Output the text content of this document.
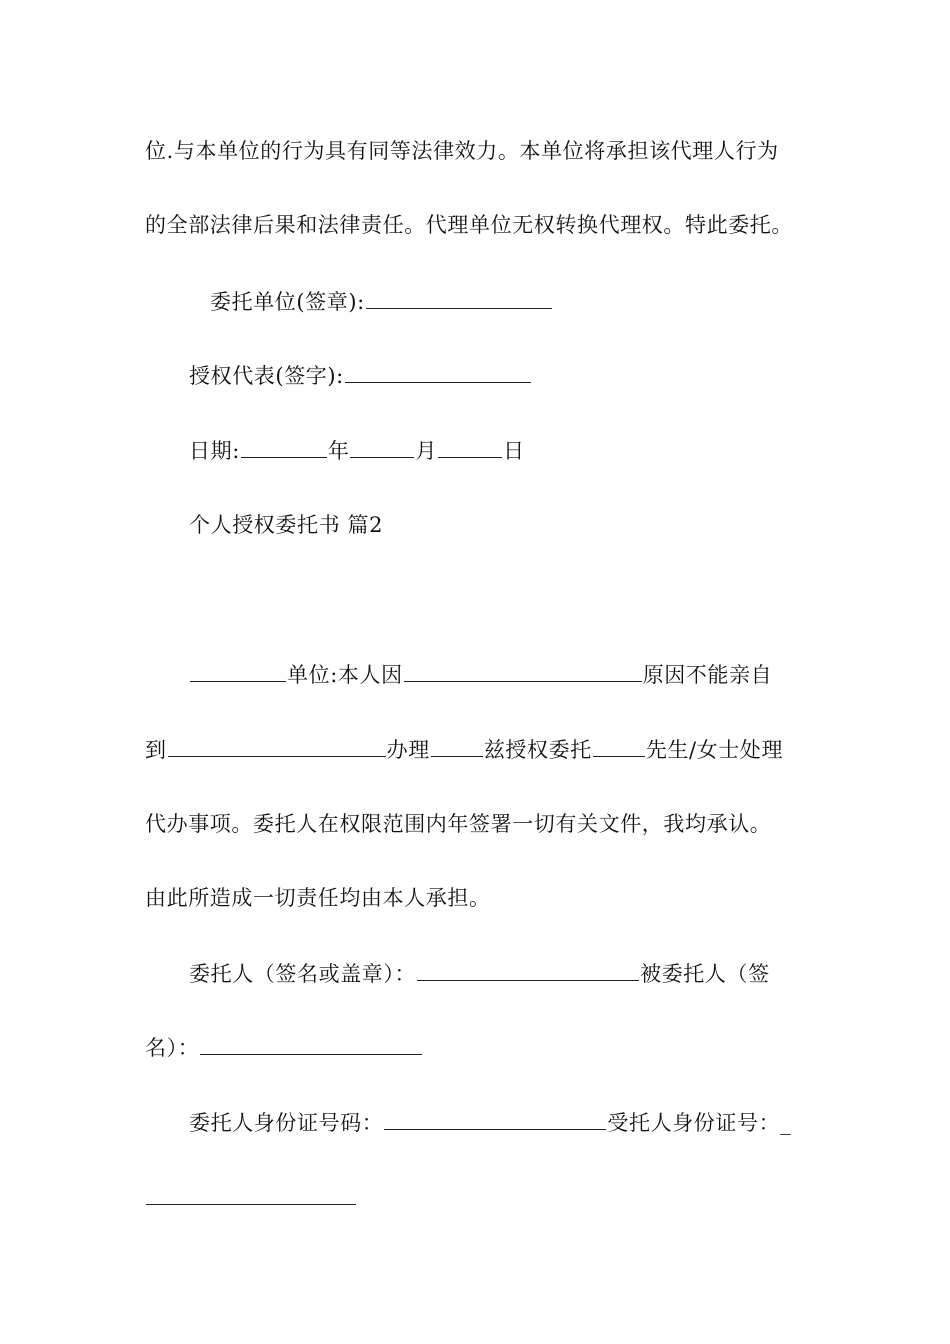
位.与本单位的行为具有同等法律效力。本单位将承担该代理人行为
的全部法律后果和法律责任。代理单位无权转换代理权。特此委托。
委托单位(签章):
授权代表(签字):
日期:	年	月	日
个人授权委托书 篇2
单位:本人因	原因不能亲自
到	办理	兹授权委托	先生/女士处理
代办事项。委托人在权限范围内年签署一切有关文件，我均承认。
由此所造成一切责任均由本人承担。
委托人（签名或盖章）：	被委托人（签
名）：
委托人身份证号码：	受托人身份证号：_
